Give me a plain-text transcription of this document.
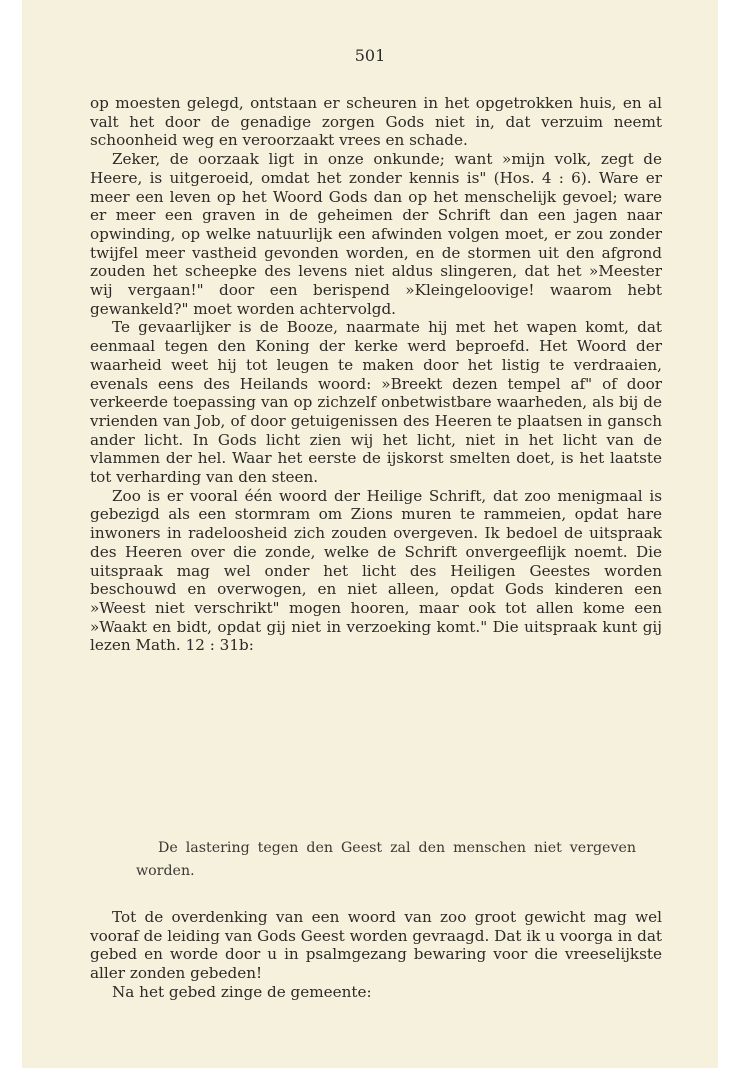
501

op moesten gelegd, ontstaan er scheuren in het opgetrokken huis, en al valt het door de genadige zorgen Gods niet in, dat verzuim neemt schoonheid weg en veroorzaakt vrees en schade.

Zeker, de oorzaak ligt in onze onkunde; want »mijn volk, zegt de Heere, is uitgeroeid, omdat het zonder kennis is" (Hos. 4 : 6). Ware er meer een leven op het Woord Gods dan op het menschelijk gevoel; ware er meer een graven in de geheimen der Schrift dan een jagen naar opwinding, op welke natuurlijk een afwinden volgen moet, er zou zonder twijfel meer vastheid gevonden worden, en de stormen uit den afgrond zouden het scheepke des levens niet aldus slingeren, dat het »Meester wij vergaan!" door een berispend »Kleingeloovige! waarom hebt gewankeld?" moet worden achtervolgd.

Te gevaarlijker is de Booze, naarmate hij met het wapen komt, dat eenmaal tegen den Koning der kerke werd beproefd. Het Woord der waarheid weet hij tot leugen te maken door het listig te verdraaien, evenals eens des Heilands woord: »Breekt dezen tempel af" of door verkeerde toepassing van op zichzelf onbetwistbare waarheden, als bij de vrienden van Job, of door getuigenissen des Heeren te plaatsen in gansch ander licht. In Gods licht zien wij het licht, niet in het licht van de vlammen der hel. Waar het eerste de ijskorst smelten doet, is het laatste tot verharding van den steen.

Zoo is er vooral één woord der Heilige Schrift, dat zoo menigmaal is gebezigd als een stormram om Zions muren te rammeien, opdat hare inwoners in radeloosheid zich zouden overgeven. Ik bedoel de uitspraak des Heeren over die zonde, welke de Schrift onvergeeflijk noemt. Die uitspraak mag wel onder het licht des Heiligen Geestes worden beschouwd en overwogen, en niet alleen, opdat Gods kinderen een »Weest niet verschrikt" mogen hooren, maar ook tot allen kome een »Waakt en bidt, opdat gij niet in verzoeking komt." Die uitspraak kunt gij lezen Math. 12 : 31b:

De lastering tegen den Geest zal den menschen niet vergeven worden.

Tot de overdenking van een woord van zoo groot gewicht mag wel vooraf de leiding van Gods Geest worden gevraagd. Dat ik u voorga in dat gebed en worde door u in psalmgezang bewaring voor die vreeselijkste aller zonden gebeden!

Na het gebed zinge de gemeente:
